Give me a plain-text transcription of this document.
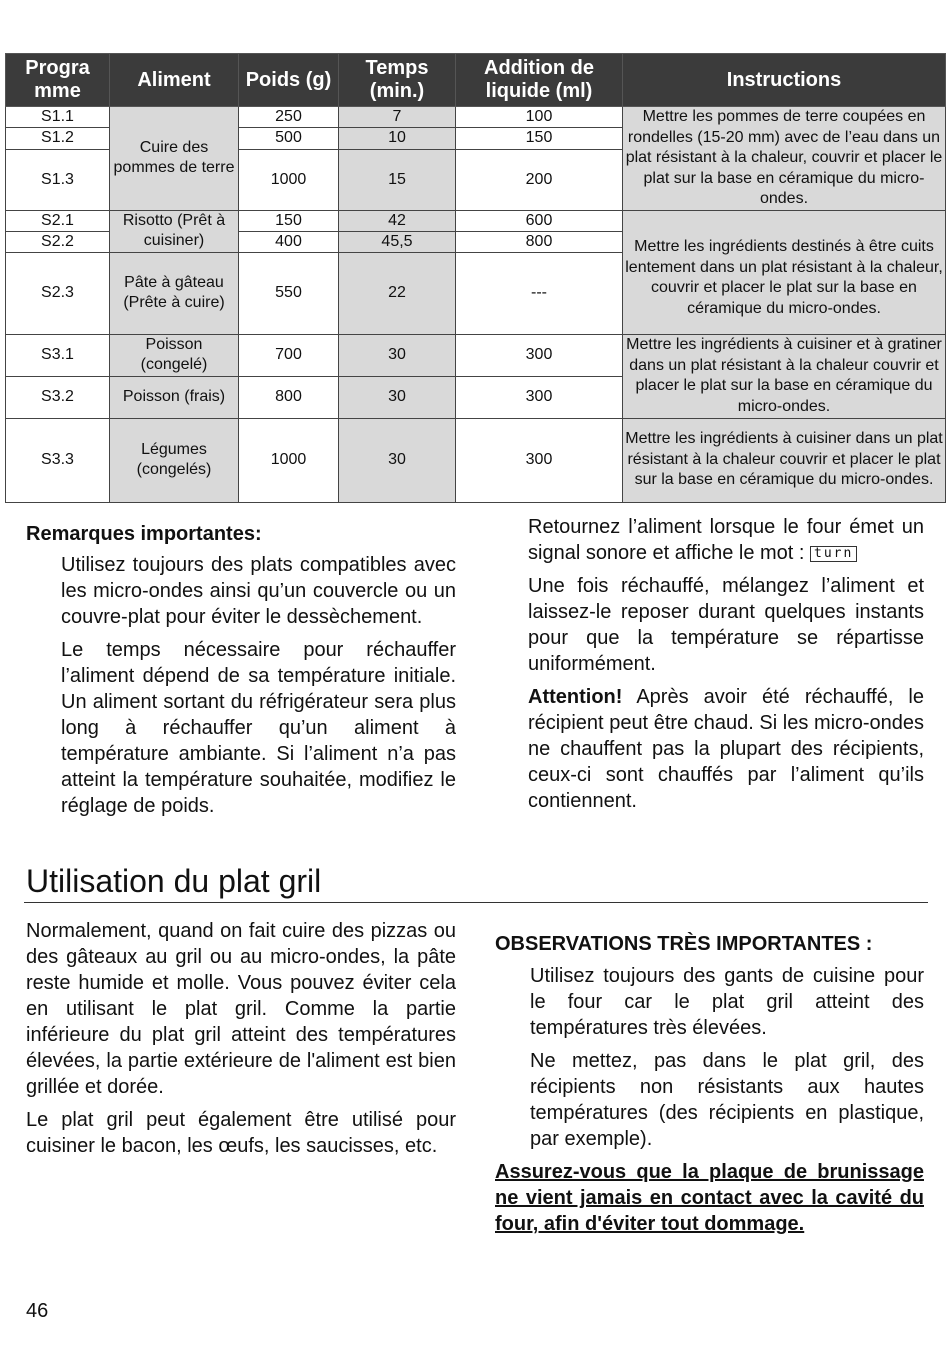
Progra mme	Aliment	Poids (g)	Temps (min.)	Addition de liquide (ml)	Instructions
S1.1	Cuire des pommes de terre	250	7	100	Mettre les pommes de terre coupées en rondelles (15-20 mm) avec de l’eau dans un plat résistant à la chaleur, couvrir et placer le plat sur la base en céramique du micro-ondes.
S1.2		500	10	150	
S1.3		1000	15	200	
S2.1	Risotto (Prêt à cuisiner)	150	42	600	Mettre les ingrédients destinés à être cuits lentement dans un plat résistant à la chaleur, couvrir et placer le plat sur la base en céramique du micro-ondes.
S2.2		400	45,5	800	
S2.3	Pâte à gâteau (Prête à cuire)	550	22	---	
S3.1	Poisson (congelé)	700	30	300	Mettre les ingrédients à cuisiner et à gratiner dans un plat résistant à la chaleur couvrir et placer le plat sur la base en céramique du micro-ondes.
S3.2	Poisson (frais)	800	30	300	
S3.3	Légumes (congelés)	1000	30	300	Mettre les ingrédients à cuisiner dans un plat résistant à la chaleur couvrir et placer le plat sur la base en céramique du micro-ondes.

Remarques importantes:

Utilisez toujours des plats compatibles avec les micro-ondes ainsi qu’un couvercle ou un couvre-plat pour éviter le dessèchement.

Le temps nécessaire pour réchauffer l’aliment dépend de sa température initiale. Un aliment sortant du réfrigérateur sera plus long à réchauffer qu’un aliment à température ambiante. Si l’aliment n’a pas atteint la température souhaitée, modifiez le réglage de poids.

Retournez l’aliment lorsque le four émet un signal sonore et affiche le mot : turn

Une fois réchauffé, mélangez l’aliment et laissez-le reposer durant quelques instants pour que la température se répartisse uniformément.

Attention! Après avoir été réchauffé, le récipient peut être chaud. Si les micro-ondes ne chauffent pas la plupart des récipients, ceux-ci sont chauffés par l’aliment qu’ils contiennent.

Utilisation du plat gril

Normalement, quand on fait cuire des pizzas ou des gâteaux au gril ou au micro-ondes, la pâte reste humide et molle. Vous pouvez éviter cela en utilisant le plat gril. Comme la partie inférieure du plat gril atteint des températures élevées, la partie extérieure de l'aliment est bien grillée et dorée.

Le plat gril peut également être utilisé pour cuisiner le bacon, les œufs, les saucisses, etc.

OBSERVATIONS TRÈS IMPORTANTES :

Utilisez toujours des gants de cuisine pour le four car le plat gril atteint des températures très élevées.

Ne mettez, pas dans le plat gril, des récipients non résistants aux hautes températures (des récipients en plastique, par exemple).

Assurez-vous que la plaque de brunissage ne vient jamais en contact avec la cavité du four, afin d'éviter tout dommage.

46
